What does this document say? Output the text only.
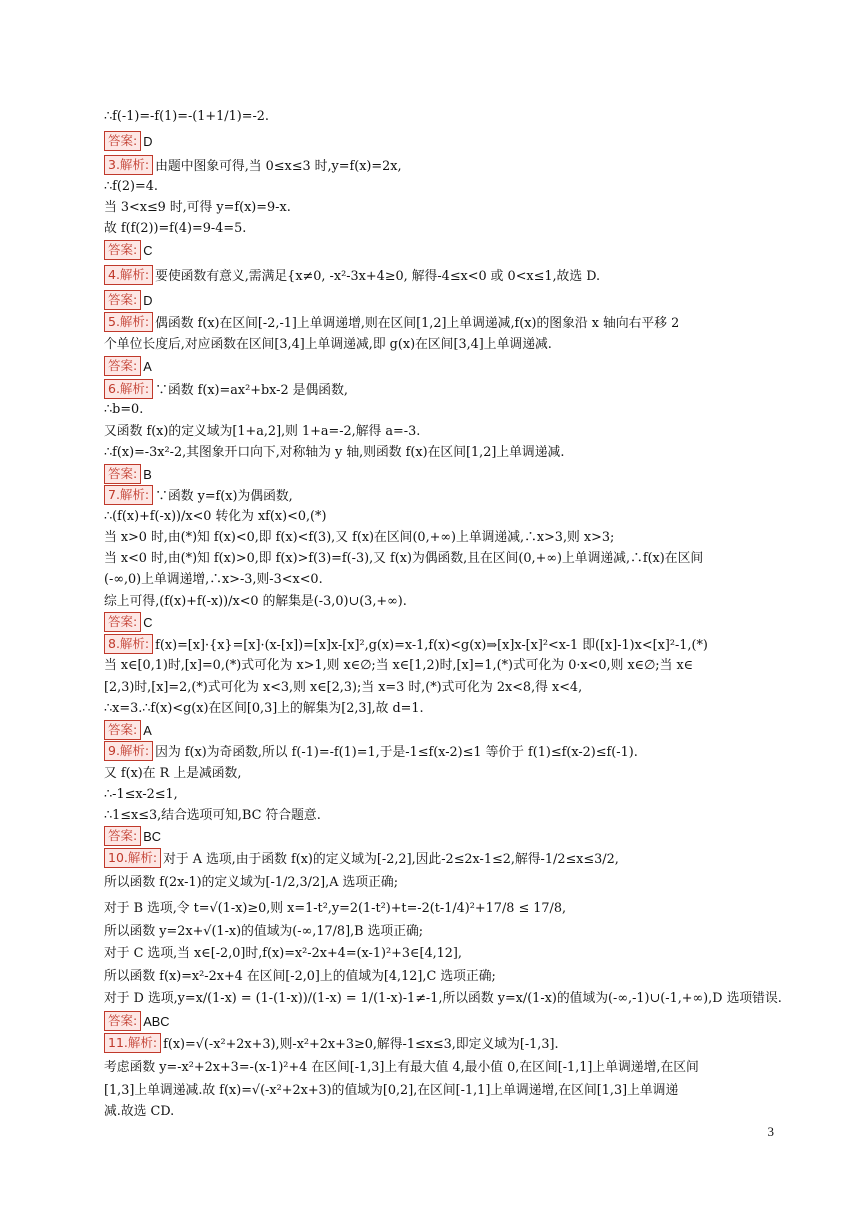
∴f(-1)=-f(1)=-(1+1/1)=-2.
答案: D
3.解析: 由题中图象可得,当 0≤x≤3 时,y=f(x)=2x,
∴f(2)=4.
当 3<x≤9 时,可得 y=f(x)=9-x.
故 f(f(2))=f(4)=9-4=5.
答案: C
4.解析: 要使函数有意义,需满足{x≠0, -x²-3x+4≥0, 解得-4≤x<0 或 0<x≤1,故选 D.
答案: D
5.解析: 偶函数 f(x)在区间[-2,-1]上单调递增,则在区间[1,2]上单调递减,f(x)的图象沿 x 轴向右平移 2
个单位长度后,对应函数在区间[3,4]上单调递减,即 g(x)在区间[3,4]上单调递减.
答案: A
6.解析: ∵函数 f(x)=ax²+bx-2 是偶函数,
∴b=0.
又函数 f(x)的定义域为[1+a,2],则 1+a=-2,解得 a=-3.
∴f(x)=-3x²-2,其图象开口向下,对称轴为 y 轴,则函数 f(x)在区间[1,2]上单调递减.
答案: B
7.解析: ∵函数 y=f(x)为偶函数,
∴(f(x)+f(-x))/x<0 转化为 xf(x)<0,(*)
当 x>0 时,由(*)知 f(x)<0,即 f(x)<f(3),又 f(x)在区间(0,+∞)上单调递减,∴x>3,则 x>3;
当 x<0 时,由(*)知 f(x)>0,即 f(x)>f(3)=f(-3),又 f(x)为偶函数,且在区间(0,+∞)上单调递减,∴f(x)在区间
(-∞,0)上单调递增,∴x>-3,则-3<x<0.
综上可得,(f(x)+f(-x))/x<0 的解集是(-3,0)∪(3,+∞).
答案: C
8.解析: f(x)=[x]·{x}=[x]·(x-[x])=[x]x-[x]²,g(x)=x-1,f(x)<g(x)⇒[x]x-[x]²<x-1 即([x]-1)x<[x]²-1,(*)
当 x∈[0,1)时,[x]=0,(*)式可化为 x>1,则 x∈∅;当 x∈[1,2)时,[x]=1,(*)式可化为 0·x<0,则 x∈∅;当 x∈
[2,3)时,[x]=2,(*)式可化为 x<3,则 x∈[2,3);当 x=3 时,(*)式可化为 2x<8,得 x<4,
∴x=3.∴f(x)<g(x)在区间[0,3]上的解集为[2,3],故 d=1.
答案: A
9.解析: 因为 f(x)为奇函数,所以 f(-1)=-f(1)=1,于是-1≤f(x-2)≤1 等价于 f(1)≤f(x-2)≤f(-1).
又 f(x)在 R 上是减函数,
∴-1≤x-2≤1,
∴1≤x≤3,结合选项可知,BC 符合题意.
答案: BC
10.解析: 对于 A 选项,由于函数 f(x)的定义域为[-2,2],因此-2≤2x-1≤2,解得-1/2≤x≤3/2,
所以函数 f(2x-1)的定义域为[-1/2,3/2],A 选项正确;
对于 B 选项,令 t=√(1-x)≥0,则 x=1-t²,y=2(1-t²)+t=-2(t-1/4)²+17/8 ≤ 17/8,
所以函数 y=2x+√(1-x)的值域为(-∞,17/8],B 选项正确;
对于 C 选项,当 x∈[-2,0]时,f(x)=x²-2x+4=(x-1)²+3∈[4,12],
所以函数 f(x)=x²-2x+4 在区间[-2,0]上的值域为[4,12],C 选项正确;
对于 D 选项,y=x/(1-x) = (1-(1-x))/(1-x) = 1/(1-x)-1≠-1,所以函数 y=x/(1-x)的值域为(-∞,-1)∪(-1,+∞),D 选项错误.
答案: ABC
11.解析: f(x)=√(-x²+2x+3),则-x²+2x+3≥0,解得-1≤x≤3,即定义域为[-1,3].
考虑函数 y=-x²+2x+3=-(x-1)²+4 在区间[-1,3]上有最大值 4,最小值 0,在区间[-1,1]上单调递增,在区间
[1,3]上单调递减.故 f(x)=√(-x²+2x+3)的值域为[0,2],在区间[-1,1]上单调递增,在区间[1,3]上单调递
减.故选 CD.
3
